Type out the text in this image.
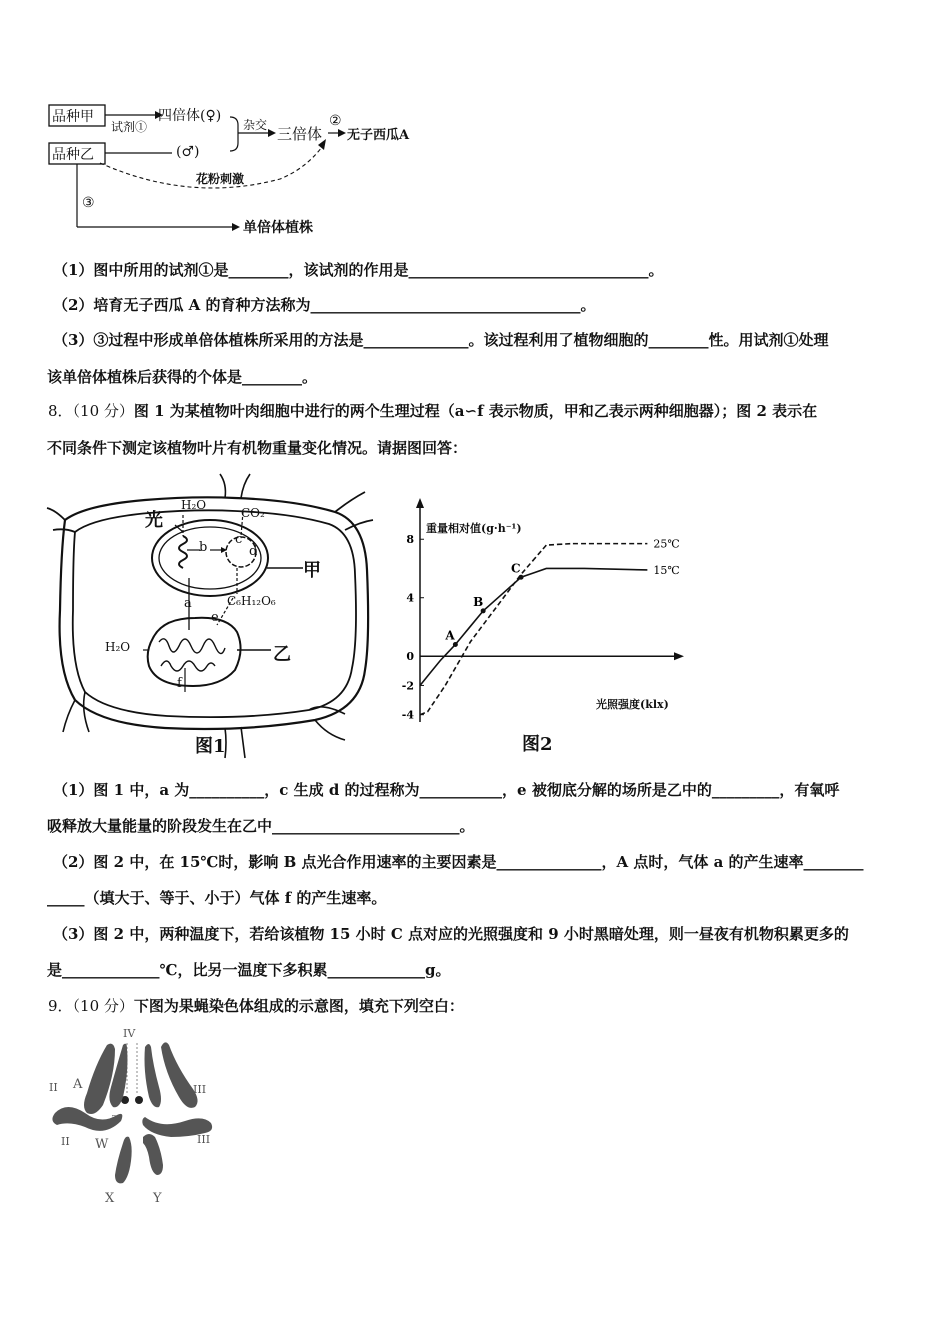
品种甲
品种乙
试剂①
四倍体(♀)
(♂)
杂交 三倍体
②
无子西瓜A
花粉刺激
③
单倍体植株
（1）图中所用的试剂①是________，该试剂的作用是________________________________。
（2）培育无子西瓜 A 的育种方法称为____________________________________。
（3）③过程中形成单倍体植株所采用的方法是______________。该过程利用了植物细胞的________性。用试剂①处理
该单倍体植株后获得的个体是________。
8．（10 分）图 1 为某植物叶肉细胞中进行的两个生理过程（a∽f 表示物质，甲和乙表示两种细胞器）；图 2 表示在
不同条件下测定该植物叶片有机物重量变化情况。请据图回答：
光
H₂O
CO₂
b
c
d
甲
a	C₆H₁₂O₆
e
H₂O	乙
f
图1
8
4
0
-2
-4
25℃
15℃
A
B
C
重量相对值(g·h⁻¹)
光照强度(klx)
图2
（1）图 1 中，a 为__________，c 生成 d 的过程称为___________，e 被彻底分解的场所是乙中的_________，有氧呼
吸释放大量能量的阶段发生在乙中_________________________。
（2）图 2 中，在 15℃时，影响 B 点光合作用速率的主要因素是______________，A 点时，气体 a 的产生速率________
_____（填大于、等于、小于）气体 f 的产生速率。
（3）图 2 中，两种温度下，若给该植物 15 小时 C 点对应的光照强度和 9 小时黑暗处理，则一昼夜有机物积累更多的
是_____________℃，比另一温度下多积累_____________g。
9．（10 分）下图为果蝇染色体组成的示意图，填充下列空白：
IV
II
II
III
III
A
a
W
X	Y
